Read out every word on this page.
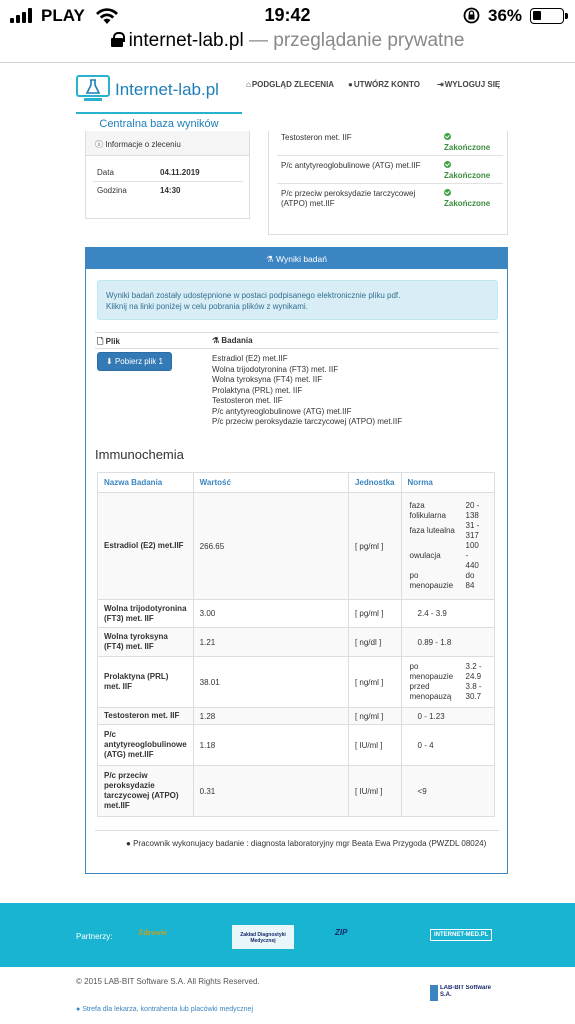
PLAY	19:42	36%
internet-lab.pl — przeglądanie prywatne
Internet-lab.pl
Centralna baza wyników
⌂PODGLĄD ZLECENIA ●UTWÓRZ KONTO ⇥WYLOGUJ SIĘ
ⓘ Informacje o zleceniu
Data	04.11.2019
Godzina	14:30
Testosteron met. IIF
Zakończone
P/c antytyreoglobulinowe (ATG) met.IIF
Zakończone
P/c przeciw peroksydazie tarczycowej (ATPO) met.IIF	Zakończone
⚗ Wyniki badań
Wyniki badań zostały udostępnione w postaci podpisanego elektronicznie pliku pdf.
Kliknij na linki poniżej w celu pobrania plików z wynikami.
🗋 Plik	⚗ Badania
⬇ Pobierz plik 1	Estradiol (E2) met.IIF
Wolna trijodotyronina (FT3) met. IIF
Wolna tyroksyna (FT4) met. IIF
Prolaktyna (PRL) met. IIF
Testosteron met. IIF
P/c antytyreoglobulinowe (ATG) met.IIF
P/c przeciw peroksydazie tarczycowej (ATPO) met.IIF
Immunochemia
Nazwa Badania	Wartość	Jednostka	Norma
Estradiol (E2) met.IIF	266.65	[ pg/ml ]	
faza folikularna	20 - 138
faza lutealna	31 - 317
owulacja	100 - 440
po menopauzie	do 84

Wolna trijodotyronina (FT3) met. IIF	3.00	[ pg/ml ]	2.4 - 3.9
Wolna tyroksyna (FT4) met. IIF	1.21	[ ng/dl ]	0.89 - 1.8
Prolaktyna (PRL) met. IIF	38.01	[ ng/ml ]	
po menopauzie	3.2 - 24.9
przed menopauzą	3.8 - 30.7

Testosteron met. IIF	1.28	[ ng/ml ]	0 - 1.23
P/c antytyreoglobulinowe (ATG) met.IIF	1.18	[ IU/ml ]	0 - 4
P/c przeciw peroksydazie tarczycowej (ATPO) met.IIF	0.31	[ IU/ml ]	<9
● Pracownik wykonujacy badanie : diagnosta laboratoryjny mgr Beata Ewa Przygoda (PWZDL 08024)
Partnerzy:	Zdrowie	Zakład Diagnostyki Medycznej
ZIP	INTERNET-MED.PL
© 2015 LAB-BIT Software S.A. All Rights Reserved.
● Strefa dla lekarza, kontrahenta lub placówki medycznej
LAB-BIT Software S.A.
